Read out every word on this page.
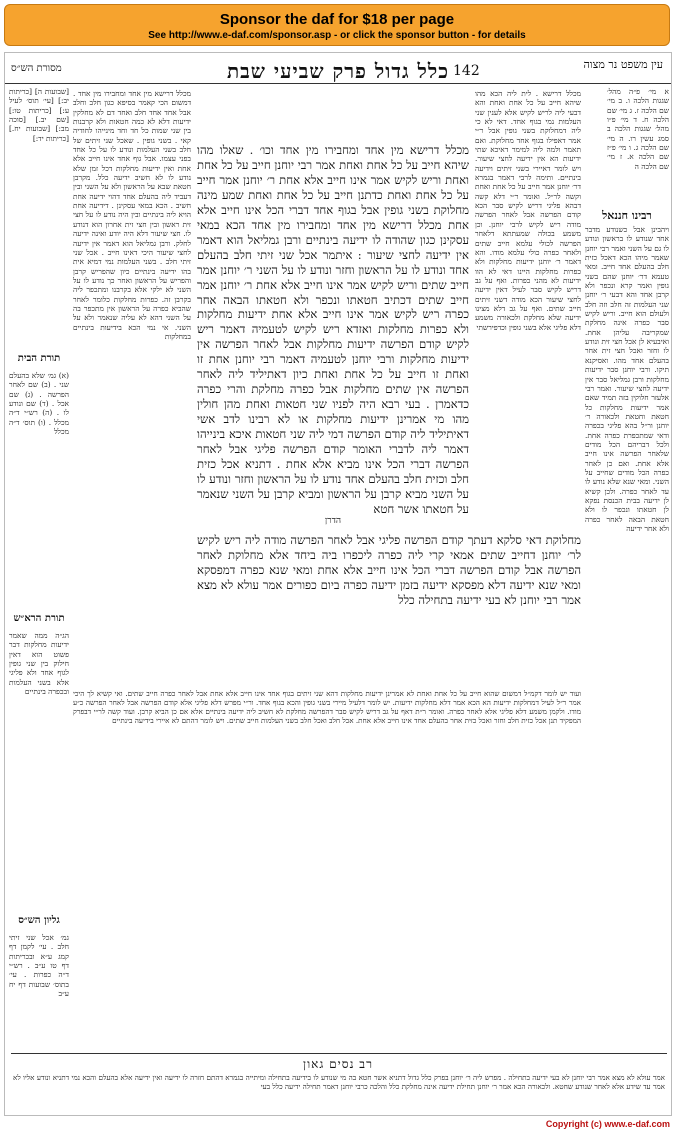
Sponsor the daf for $18 per page
See http://www.e-daf.com/sponsor.asp - or click the sponsor button - for details
עין משפט נר מצוה
142
כלל גדול פרק שביעי שבת
מסורת הש״ס
א מי׳ פ״ה מהל׳ שגגות הלכה ו. ב מי׳ שם הלכה ז. ג מי׳ שם הלכה ח. ד מי׳ פ״ו מהל׳ שגגות הלכה ב סמג עשין רו. ה מי׳ שם הלכה ג. ו מי׳ פ״ז שם הלכה א. ז מי׳ שם הלכה ה
רבינו חננאל
ויהבינן אבל כשנודע מדבר אחד שנודע לו בראשון ונודע לו גם על השני ואמר רבי יוחנן שאמר מיהו הכא דאכל כזית חלב בהעלם אחד חייב. ומאי טעמא דר׳ יוחנן שהם בשני גופין ואמר קרא ונכפר ולא קרבן אחד והא דבעי ר׳ יוחנן שני העלמות זה חלב וזה חלב ולעולם הוא חייב. וריש לקיש סבר כפרה אינה מחלקת שמקריבה עליהן אחת. ואיבעיא לן אכל חצי זית ונודע לו וחזר ואכל חצי זית אחר בהעלם אחד מהו. ואסיקנא תיקו. ורבי יוחנן סבר ידיעות מחלקות ורבן גמליאל סבר אין ידיעה לחצי שיעור. ואמר רבי אלעזר חלוקין בזה תמיד שאם אמר ידיעות מחלקות כל חטאת וחטאת ולכאורה ר׳ יוחנן ור״ל בהא פליגי בכפרה ודאי שמתכפרת כפרה אחת. ולכל דבריהם הכל מודים שלאחר הפרשה אינו חייב אלא אחת. ואם כן לאחר כפרה הכל מודים שחייב על השני. ומאי שנא שלא נודע לו עד לאחר כפרה. ולכן קשיא לן ידיעה בבית הכנסת נפקא לן חטאתו ונכפר לו ולא חטאת הבאה לאחר כפרה ולא אחר ידיעה
מכלל דרישא . לית ליה הכא מהו שיהא חייב על כל אחת ואחת והא דבעי ליה לריש לקיש אלא לענין שני העלמות נמי בגוף אחד. דאי לא כי ליה דמחלוקת בשני גופין אבל ר״י אמר דאפילו בגוף אחד מחלוקת. ואם תאמר ולמה ליה למימר דאיכא שתי ידיעות הא אין ידיעה לחצי שיעור. ויש לומר דאיירי בשני זיתים וידיעה בינתיים. ותימה לרבי דאמר בגמרא דר׳ יוחנן אמר חייב על כל אחת ואחת וקשה לר״ל. ואומר ר״י דלא קשה דבהא פליגי דריש לקיש סבר הכא קודם הפרשה אבל לאחר הפרשה מודה ריש לקיש לרבי יוחנן. וכן משמע בכולה שמעתתא דלאחר הפרשה לכולי עלמא חייב שתים ולאחר כפרה כולי עלמא מודו. והא דאמר ר׳ יוחנן ידיעות מחלקות ולא כפרות מחלקות היינו דאי לא הוו ידיעות לא מהני כפרות. ואף על גב דריש לקיש סבר לעיל דאין ידיעה לחצי שיעור הכא מודה דשני זיתים חייב שתים. ואף על גב דלא מצינו ידיעה שלא מחלקת ולכאורה משמע דלא פליגי אלא בשני גופין וכדפירשתי
מכלל דרישא מין אחד ומחבירו מין אחד . דמשום הכי קאמר בסיפא כגון חלב וחלב אבל אחד אחד חלב ואחד דם לא מחלקין ידיעות דלא לא כמה חטאות ולא קרבנות בין שני שמות כל חד וחד מינייהו לחודיה קאי . בשני גופין . שאכל שני זיתים של חלב בשני העלמות ונודע לו על כל אחד בפני עצמו. אבל גוף אחד אינו חייב אלא אחת ואין ידיעות מחלקות דכל זמן שלא נודע לו לא חשיב ידיעה כלל. מקרבן חטאת שבא על הראשון ולא על השני ובין דעביד ליה בהעלם אחד דהוי ידיעה אחת חשיב . הכא במאי עסקינן . דידיעה אחת הויא ליה בינתיים ובין היה נודע לו על חצי זית ראשון ובין חצי זית אחרון הוא דנודע לו. חצי שיעור דלא היה יודע ואינה ידיעה לחלק. ורבן גמליאל הוא דאמר אין ידיעה לחצי שיעור היכי דאינו חייב . אכל שני זיתי חלב . בשני העלמות נמי דמיא אית בהו ידיעה בינתיים כיון שהפריש קרבן והפריש על הראשון ואחר כך נודע לו על השני לא ילקי אלא בקרבנו ומתכפר ליה בקרבן זה. כפרות מחלקות כלומר לאחר שהביא כפרה על הראשון אין מתכפר בה על השני דהא לא עליה שנאמר ולא על השני. אי נמי הכא בידיעות בינתיים במחלקות
[שבועות ה] [כריתות יב:] [עי׳ תוס׳ לעיל ע:] [כריתות טו:] [שם יב.] [סוכה מב:] [שבועות יח.] [כריתות יד:]
תורת הבית
(א) גמ׳ שלא בהעלם שני . (ב) שם לאחר הפרשה . (ג) שם אכל . (ד) שם ונודע לו . (ה) רש״י ד״ה מכלל . (ו) תוס׳ ד״ה מכלל
תורת הרא״ש
הג״ה ממה שאמר ידיעות מחלקות דבר פשוט הוא דאין חילוק בין שני גופין לגוף אחד ולא פליגי אלא בשני העלמות ובכפרה בינתיים
גליון הש״ס
גמ׳ אכל שני זיתי חלב . עי׳ לקמן דף קמג ע״א ובכריתות דף טו ע״ב . רש״י ד״ה כפרות . עי׳ בתוס׳ שבועות דף יח ע״ב
מכלל דרישא מין אחד ומחבירו מין אחד וכו׳ . שאלו מהו שיהא חייב על כל אחת ואחת אמר רבי יוחנן חייב על כל אחת ואחת וריש לקיש אמר אינו חייב אלא אחת ר׳ יוחנן אמר חייב על כל אחת ואחת כדתנן חייב על כל אחת ואחת שמע מינה מחלוקת בשני גופין אבל בגוף אחד דברי הכל אינו חייב אלא אחת מכלל דרישא מין אחד ומחבירו מין אחד הכא במאי עסקינן כגון שהודה לו ידיעה בינתיים ורבן גמליאל הוא דאמר אין ידיעה לחצי שיעור : איתמר אכל שני זיתי חלב בהעלם אחד ונודע לו על הראשון וחזר ונודע לו על השני ר׳ יוחנן אמר חייב שתים וריש לקיש אמר אינו חייב אלא אחת ר׳ יוחנן אמר חייב שתים דכתיב חטאתו ונכפר ולא חטאתו הבאה אחר כפרה ריש לקיש אמר אינו חייב אלא אחת ידיעות מחלקות ולא כפרות מחלקות ואזדא ריש לקיש לטעמיה דאמר ריש לקיש קודם הפרשה ידיעות מחלקות אבל לאחר הפרשה אין ידיעות מחלקות ורבי יוחנן לטעמיה דאמר רבי יוחנן אחת זו ואחת זו חייב על כל אחת ואחת כיון דאתיליד ליה לאחר הפרשה אין שתים מחלקות אבל כפרה מחלקת והרי כפרה כדאמרן . בעי רבא היה לפניו שני חטאות ואחת מהן חולין מהו מי אמרינן ידיעות מחלקות או לא רבינו לדב אשי דאיתיליד ליה קודם הפרשה דמי ליה שני חטאות איכא בינייהו דאמר ליה לדברי האומר קודם הפרשה פליגי אבל לאחר הפרשה דברי הכל אינו מביא אלא אחת . דתניא אכל כזית חלב וכזית חלב בהעלם אחד נודע לו על הראשון וחזר ונודע לו על השני מביא קרבן על הראשון ומביא קרבן על השני שנאמר על חטאתו אשר חטא
הדרן
מחלוקת דאי סלקא דעתך קודם הפרשה פליגי אבל לאחר הפרשה מודה ליה ריש לקיש לר׳ יוחנן דחייב שתים אמאי קרי ליה כפרה ליכפרו ביה ביחד אלא מחלוקת לאחר הפרשה אבל קודם הפרשה דברי הכל אינו חייב אלא אחת ומאי שנא כפרה דמפסקא ומאי שנא ידיעה דלא מפסקא ידיעה בזמן ידיעה כפרה ביום כפורים אמר עולא לא מצא אמר רבי יוחנן לא בעי ידיעה בתחילה כלל
ועוד יש לומר דקמ״ל דמשום שהוא חייב על כל אחת ואחת לא אמרינן ידיעות מחלקות דהא שני זיתים בגוף אחד אינו חייב אלא אחת אבל לאחר כפרה חייב שתים. ואי קשיא לך היכי אמר ר״ל לעיל דמחלקות ידיעות הא הכא אמר דלא מחלקות ידיעות. יש לומר דלעיל מיירי בשני גופין והכא בגוף אחד. ור״י מפרש דלא פליגי אלא קודם הפרשה אבל לאחר הפרשה כ״ע מודו. ולקמן משמע דלא פליגי אלא לאחר כפרה. ואומר ר״ת דאף על גב דריש לקיש סבר דהפרשה מחלקת לא חשיב ליה ידיעה בינתיים אלא אם כן הביא קרבן. ועוד קשה לר״י דבפרק המפקיד תנן אכל כזית חלב וחזר ואכל כזית אחר בהעלם אחד אינו חייב אלא אחת. אכל חלב ואכל חלב בשני העלמות חייב שתים. ויש לומר דהתם לא איירי בידיעה בינתיים
רב נסים גאון
אמר עולא לא מצא אמר רבי יוחנן לא בעי ידיעה בתחילה . מפרש ליה ר׳ יוחנן בפרק כלל גדול דתניא אשר חטא בה מי שנודע לו בידיעה בתחילה ומיתייה בגמרא דהתם חזרה לו ידיעה ואין ידיעה אלא בהעלם והכא נמי דתניא ונודע אליו לא אמר עד שידע אלא לאחר שנודע שחטא. ולכאורה הכא אמר ר׳ יוחנן תחילת ידיעה אינה מחלקת כלל והלכה כרבי יוחנן דאמר תחילה ידיעה כלל בעי
Copyright (c) www.e-daf.com
